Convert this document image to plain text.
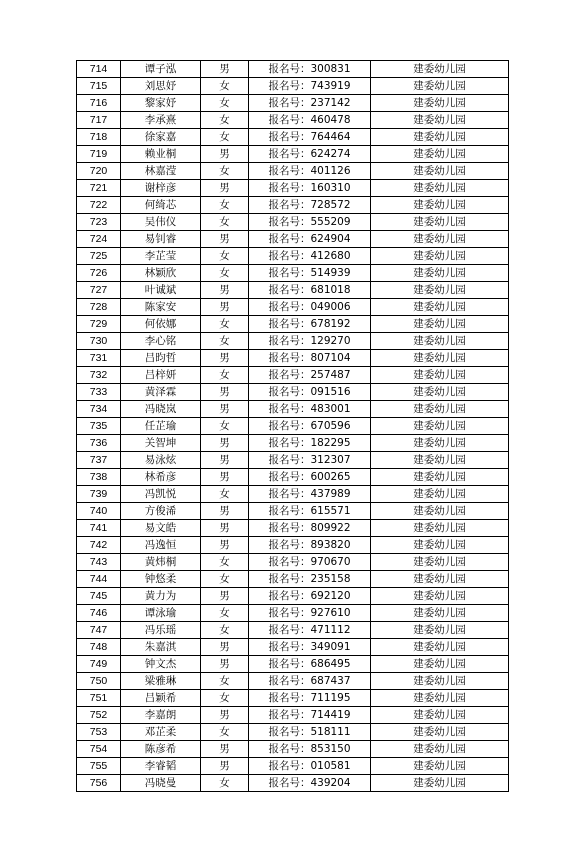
714	谭子泓	男	报名号：300831	建委幼儿园
715	刘思妤	女	报名号：743919	建委幼儿园
716	黎家妤	女	报名号：237142	建委幼儿园
717	李承熹	女	报名号：460478	建委幼儿园
718	徐家嘉	女	报名号：764464	建委幼儿园
719	赖业桐	男	报名号：624274	建委幼儿园
720	林嘉滢	女	报名号：401126	建委幼儿园
721	谢梓彦	男	报名号：160310	建委幼儿园
722	何绮芯	女	报名号：728572	建委幼儿园
723	吴伟仪	女	报名号：555209	建委幼儿园
724	易钊睿	男	报名号：624904	建委幼儿园
725	李芷莹	女	报名号：412680	建委幼儿园
726	林颖欣	女	报名号：514939	建委幼儿园
727	叶诚斌	男	报名号：681018	建委幼儿园
728	陈家安	男	报名号：049006	建委幼儿园
729	何依娜	女	报名号：678192	建委幼儿园
730	李心铭	女	报名号：129270	建委幼儿园
731	吕昀哲	男	报名号：807104	建委幼儿园
732	吕梓妍	女	报名号：257487	建委幼儿园
733	黄泽霖	男	报名号：091516	建委幼儿园
734	冯晓岚	男	报名号：483001	建委幼儿园
735	任芷瑜	女	报名号：670596	建委幼儿园
736	关智坤	男	报名号：182295	建委幼儿园
737	易泳炫	男	报名号：312307	建委幼儿园
738	林希彦	男	报名号：600265	建委幼儿园
739	冯凯悦	女	报名号：437989	建委幼儿园
740	方俊浠	男	报名号：615571	建委幼儿园
741	易文皓	男	报名号：809922	建委幼儿园
742	冯逸恒	男	报名号：893820	建委幼儿园
743	黄炜桐	女	报名号：970670	建委幼儿园
744	钟悠柔	女	报名号：235158	建委幼儿园
745	黄力为	男	报名号：692120	建委幼儿园
746	谭泳瑜	女	报名号：927610	建委幼儿园
747	冯乐瑶	女	报名号：471112	建委幼儿园
748	朱嘉淇	男	报名号：349091	建委幼儿园
749	钟文杰	男	报名号：686495	建委幼儿园
750	梁雅琳	女	报名号：687437	建委幼儿园
751	吕颖希	女	报名号：711195	建委幼儿园
752	李嘉朗	男	报名号：714419	建委幼儿园
753	邓芷柔	女	报名号：518111	建委幼儿园
754	陈彦希	男	报名号：853150	建委幼儿园
755	李睿韬	男	报名号：010581	建委幼儿园
756	冯晓曼	女	报名号：439204	建委幼儿园
